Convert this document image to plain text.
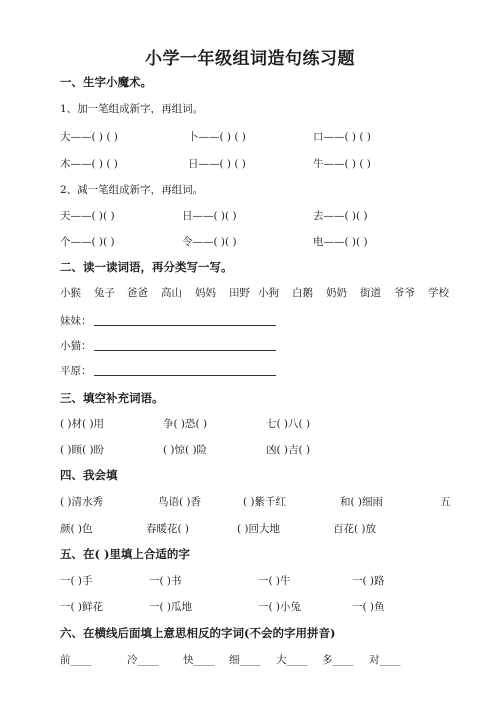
小学一年级组词造句练习题
一、生字小魔术。
1、加一笔组成新字，再组词。
大——( ) ( )	卜——( ) ( )	口——( ) ( )
木——( ) ( )	日——( ) ( )	牛——( ) ( )
2、减一笔组成新字，再组词。
天——( )( )	日——( )( )	去——( )( )
个——( )( )	令——( )( )	电——( )( )
二、读一读词语，再分类写一写。
小猴 兔子 爸爸 高山 妈妈 田野 小狗 白鹅 奶奶 街道 爷爷 学校
妹妹：
小猫：
平原：
三、填空补充词语。
( )材( )用	争( )恐( )	七( )八( )
( )顾( )盼	( )惊( )险	凶( )吉( )
四、我会填
( )清水秀	鸟语( )香	( )紫千红	和( )细雨	五
颜( )色	春暖花( )	( )回大地	百花( )放
五、在( )里填上合适的字
一( )手	一( )书	一( )牛	一( )路
一( )鲜花	一( )瓜地	一( )小兔	一( )鱼
六、在横线后面填上意思相反的字词(不会的字用拼音)
前____	冷____ 快____ 细____ 大____ 多____ 对____
